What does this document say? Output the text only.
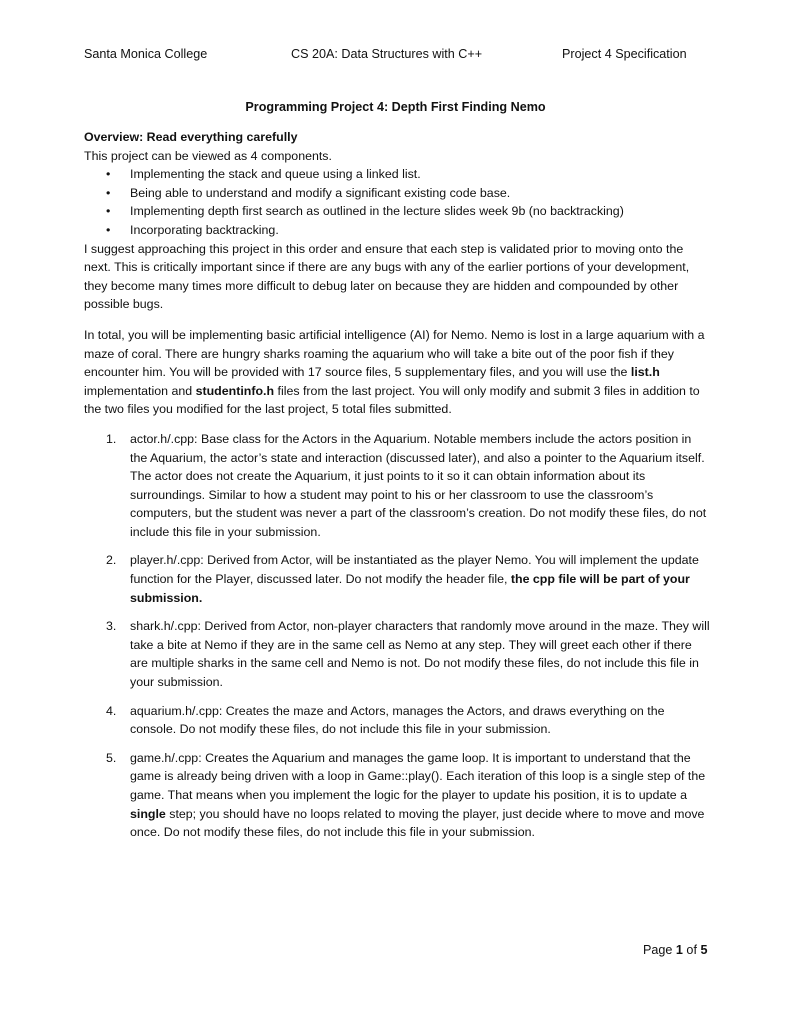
Santa Monica College	CS 20A: Data Structures with C++	Project 4 Specification
Programming Project 4: Depth First Finding Nemo

Overview: Read everything carefully

This project can be viewed as 4 components.

• Implementing the stack and queue using a linked list.
• Being able to understand and modify a significant existing code base.
• Implementing depth first search as outlined in the lecture slides week 9b (no backtracking)
• Incorporating backtracking.

I suggest approaching this project in this order and ensure that each step is validated prior to moving onto the next. This is critically important since if there are any bugs with any of the earlier portions of your development, they become many times more difficult to debug later on because they are hidden and compounded by other possible bugs.

In total, you will be implementing basic artificial intelligence (AI) for Nemo. Nemo is lost in a large aquarium with a maze of coral. There are hungry sharks roaming the aquarium who will take a bite out of the poor fish if they encounter him. You will be provided with 17 source files, 5 supplementary files, and you will use the list.h implementation and studentinfo.h files from the last project. You will only modify and submit 3 files in addition to the two files you modified for the last project, 5 total files submitted.

1. actor.h/.cpp: Base class for the Actors in the Aquarium. Notable members include the actors position in the Aquarium, the actor’s state and interaction (discussed later), and also a pointer to the Aquarium itself. The actor does not create the Aquarium, it just points to it so it can obtain information about its surroundings. Similar to how a student may point to his or her classroom to use the classroom’s computers, but the student was never a part of the classroom’s creation. Do not modify these files, do not include this file in your submission.
2. player.h/.cpp: Derived from Actor, will be instantiated as the player Nemo. You will implement the update function for the Player, discussed later. Do not modify the header file, the cpp file will be part of your submission.
3. shark.h/.cpp: Derived from Actor, non-player characters that randomly move around in the maze. They will take a bite at Nemo if they are in the same cell as Nemo at any step. They will greet each other if there are multiple sharks in the same cell and Nemo is not. Do not modify these files, do not include this file in your submission.
4. aquarium.h/.cpp: Creates the maze and Actors, manages the Actors, and draws everything on the console. Do not modify these files, do not include this file in your submission.
5. game.h/.cpp: Creates the Aquarium and manages the game loop. It is important to understand that the game is already being driven with a loop in Game::play(). Each iteration of this loop is a single step of the game. That means when you implement the logic for the player to update his position, it is to update a single step; you should have no loops related to moving the player, just decide where to move and move once. Do not modify these files, do not include this file in your submission.
Page 1 of 5
